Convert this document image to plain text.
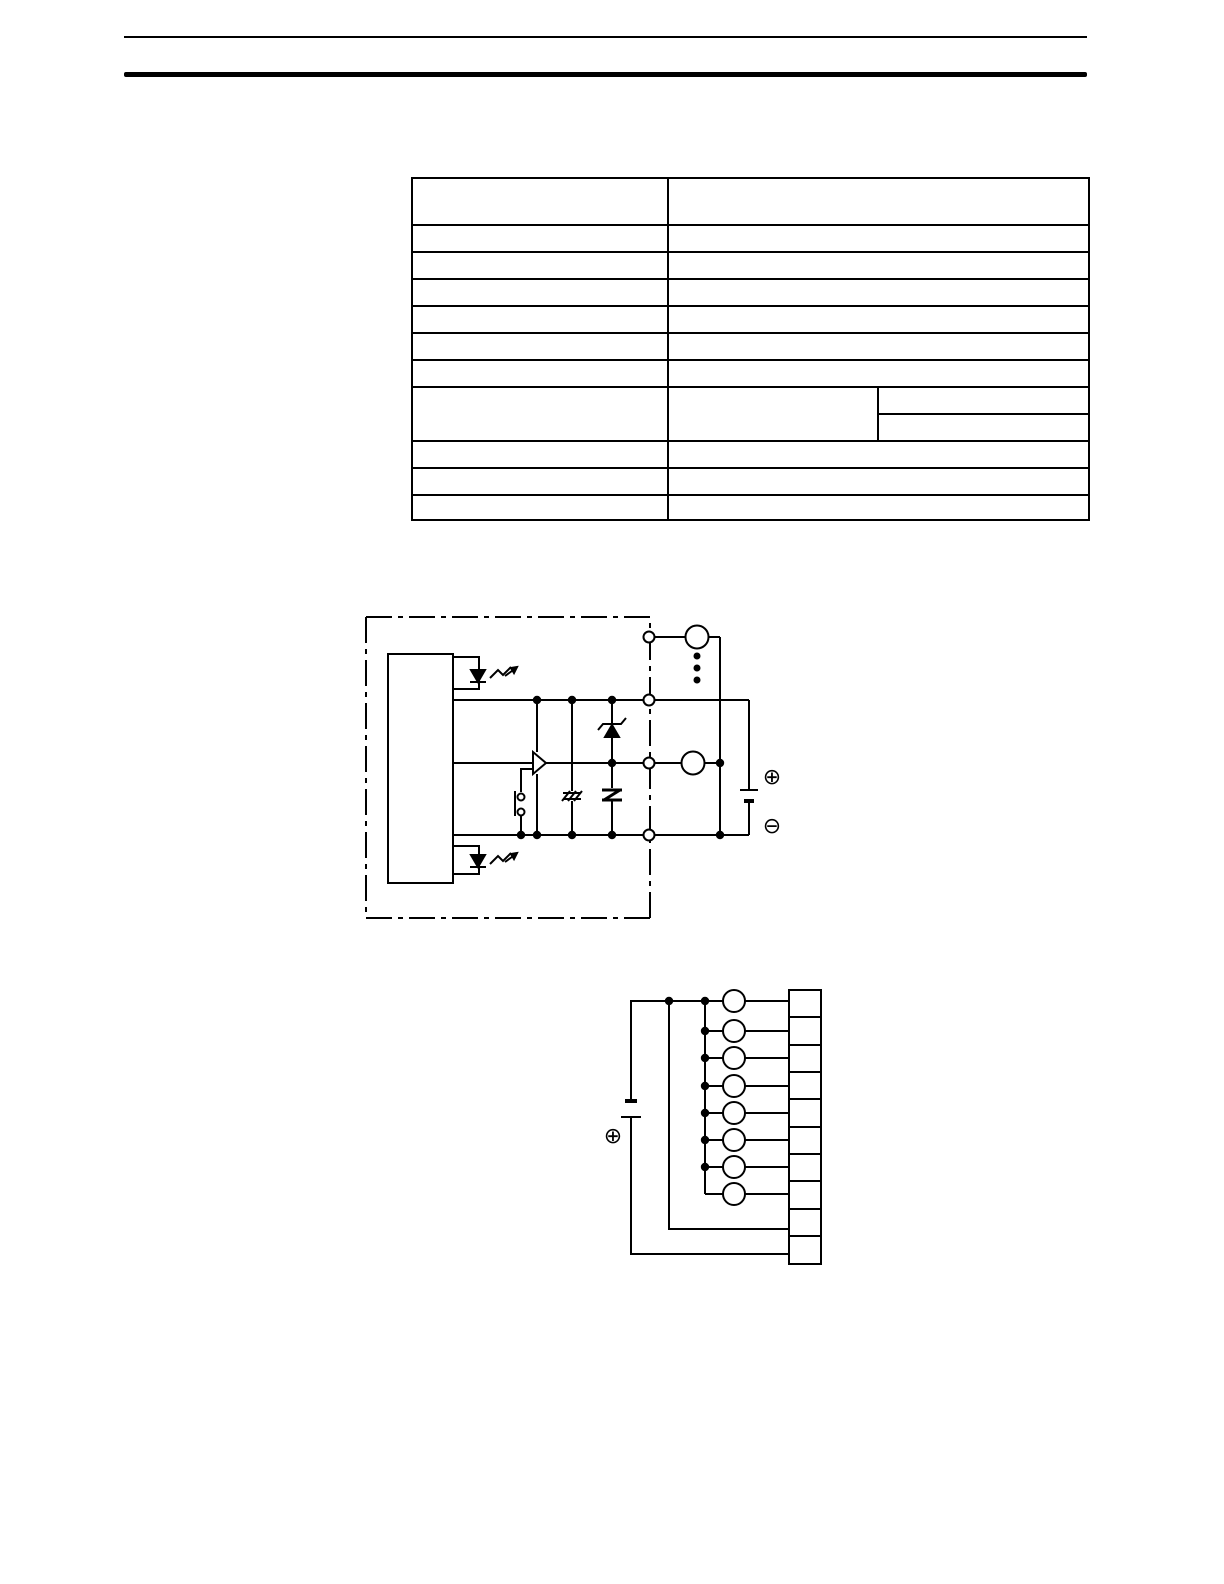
⊕
⊖
⊕
